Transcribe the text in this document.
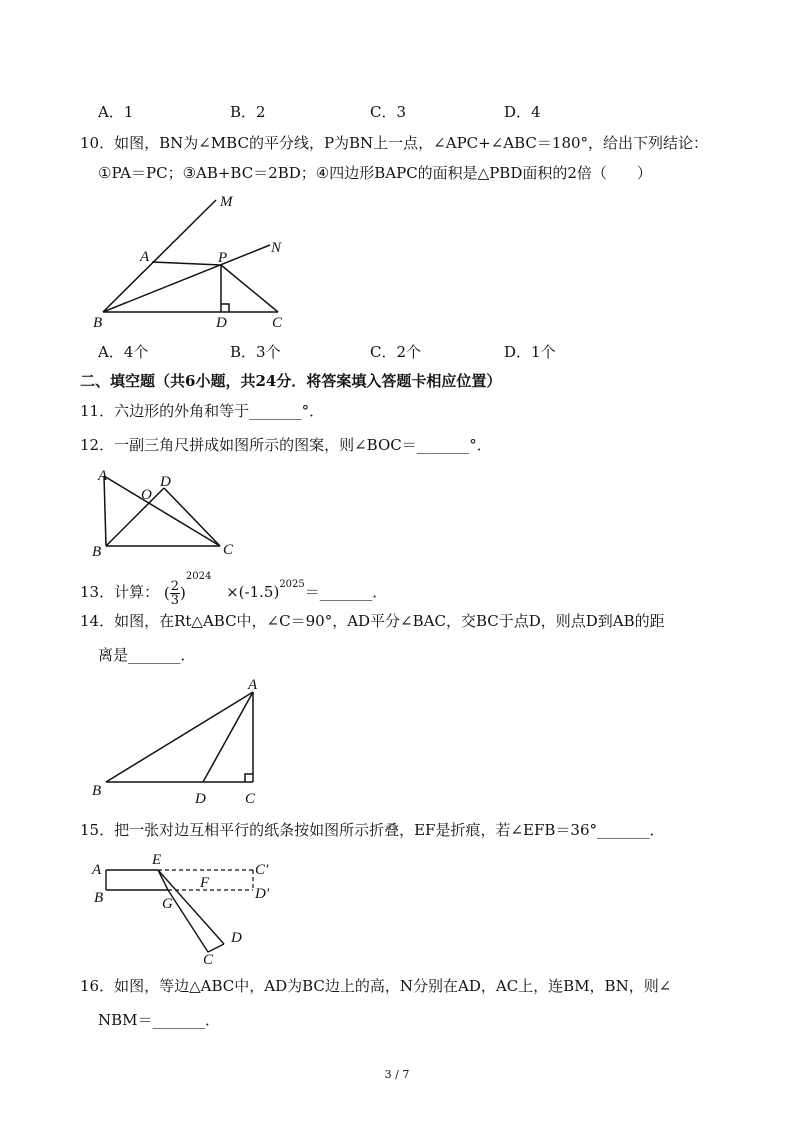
A．1	B．2	C．3	D．4
10．如图，BN为∠MBC的平分线，P为BN上一点，∠APC+∠ABC＝180°，给出下列结论：
①PA＝PC；③AB+BC＝2BD；④四边形BAPC的面积是△PBD面积的2倍（　　）
M
A	P
N
B	D	C
A．4个	B．3个	C．2个	D．1个
二、填空题（共6小题，共24分．将答案填入答题卡相应位置）
11．六边形的外角和等于_______°．
12．一副三角尺拼成如图所示的图案，则∠BOC＝_______°．
A
O
D
B	C
13．计算： ( $\frac{2}{3} )^{2024}$ $\times(-1.5)^{2025}=\_\_\_\_\_\_\_$．
14．如图，在Rt△ABC中，∠C＝90°，AD平分∠BAC，交BC于点D，则点D到AB的距
离是_______．
A
B	D	C
15．把一张对边互相平行的纸条按如图所示折叠，EF是折痕，若∠EFB＝36°_______．
A
E
C′
F
B	G
D′
D
C
16．如图，等边△ABC中，AD为BC边上的高，N分别在AD，AC上，连BM，BN，则∠
NBM＝_______．
3 / 7
